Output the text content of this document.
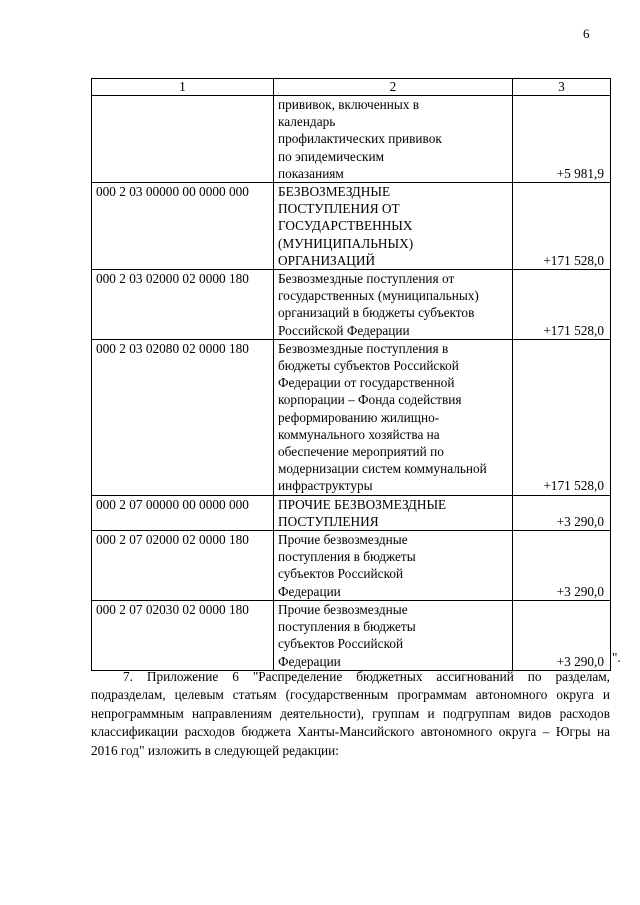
6
1	2	3

	прививок, включенных в календарь профилактических прививок по эпидемическим показаниям	+5 981,9
000 2 03 00000 00 0000 000	БЕЗВОЗМЕЗДНЫЕ ПОСТУПЛЕНИЯ ОТ ГОСУДАРСТВЕННЫХ (МУНИЦИПАЛЬНЫХ) ОРГАНИЗАЦИЙ	+171 528,0
000 2 03 02000 02 0000 180	Безвозмездные поступления от государственных (муниципальных) организаций в бюджеты субъектов Российской Федерации	+171 528,0
000 2 03 02080 02 0000 180	Безвозмездные поступления в бюджеты субъектов Российской Федерации от государственной корпорации – Фонда содействия реформированию жилищно-коммунального хозяйства на обеспечение мероприятий по модернизации систем коммунальной инфраструктуры	+171 528,0
000 2 07 00000 00 0000 000	ПРОЧИЕ БЕЗВОЗМЕЗДНЫЕ ПОСТУПЛЕНИЯ	+3 290,0
000 2 07 02000 02 0000 180	Прочие безвозмездные поступления в бюджеты субъектов Российской Федерации	+3 290,0
000 2 07 02030 02 0000 180	Прочие безвозмездные поступления в бюджеты субъектов Российской Федерации	+3 290,0 ".

7. Приложение 6 "Распределение бюджетных ассигнований по разделам, подразделам, целевым статьям (государственным программам автономного округа и непрограммным направлениям деятельности), группам и подгруппам видов расходов классификации расходов бюджета Ханты-Мансийского автономного округа – Югры на 2016 год" изложить в следующей редакции:
